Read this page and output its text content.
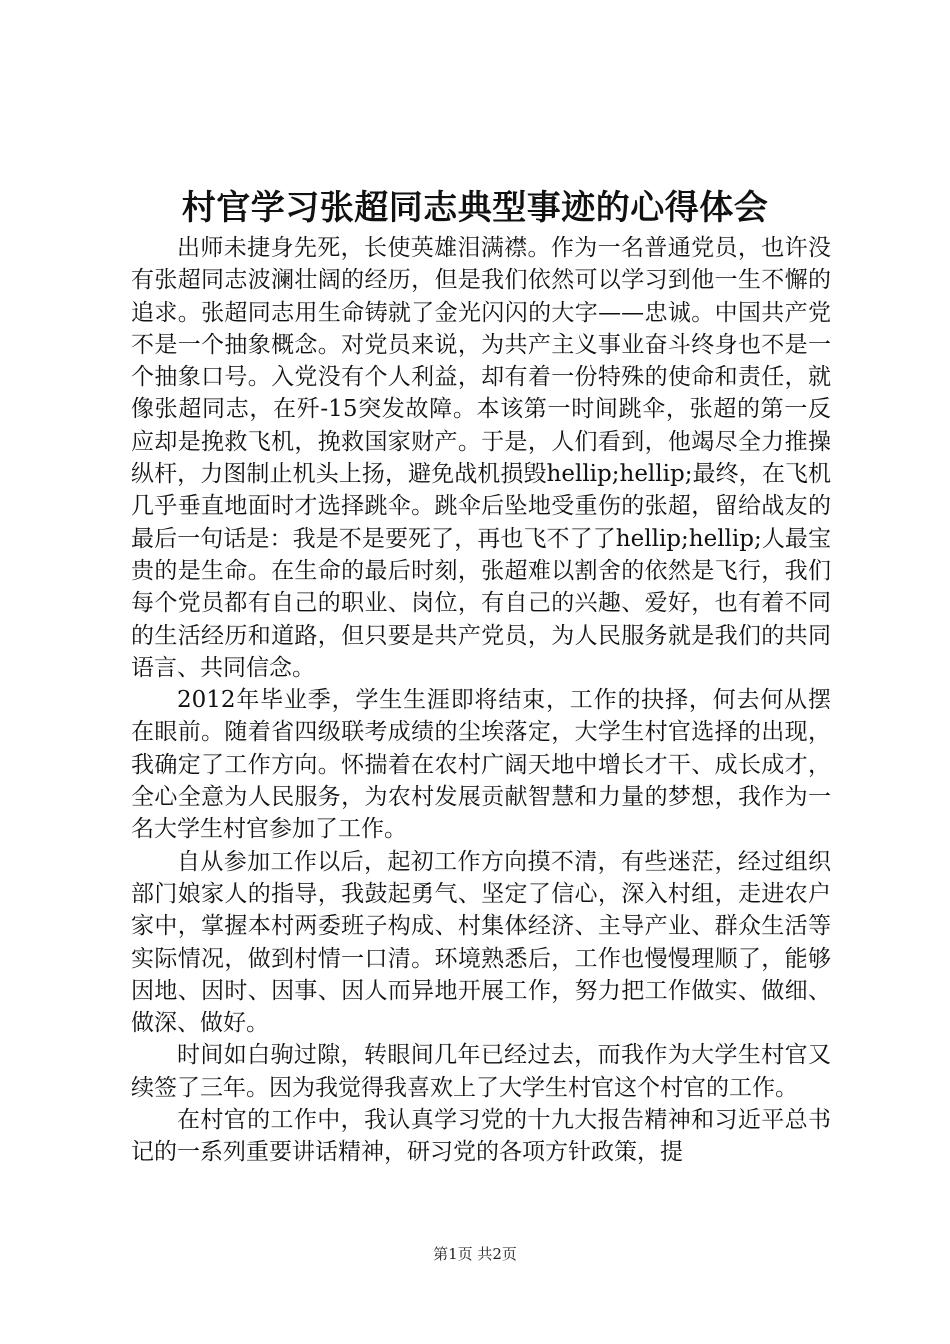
村官学习张超同志典型事迹的心得体会

出师未捷身先死，长使英雄泪满襟。作为一名普通党员，也许没有张超同志波澜壮阔的经历，但是我们依然可以学习到他一生不懈的追求。张超同志用生命铸就了金光闪闪的大字——忠诚。中国共产党不是一个抽象概念。对党员来说，为共产主义事业奋斗终身也不是一个抽象口号。入党没有个人利益，却有着一份特殊的使命和责任，就像张超同志，在歼-15突发故障。本该第一时间跳伞，张超的第一反应却是挽救飞机，挽救国家财产。于是，人们看到，他竭尽全力推操纵杆，力图制止机头上扬，避免战机损毁hellip;hellip;最终，在飞机几乎垂直地面时才选择跳伞。跳伞后坠地受重伤的张超，留给战友的最后一句话是：我是不是要死了，再也飞不了了hellip;hellip;人最宝贵的是生命。在生命的最后时刻，张超难以割舍的依然是飞行，我们每个党员都有自己的职业、岗位，有自己的兴趣、爱好，也有着不同的生活经历和道路，但只要是共产党员，为人民服务就是我们的共同语言、共同信念。

2012年毕业季，学生生涯即将结束，工作的抉择，何去何从摆在眼前。随着省四级联考成绩的尘埃落定，大学生村官选择的出现，我确定了工作方向。怀揣着在农村广阔天地中增长才干、成长成才，全心全意为人民服务，为农村发展贡献智慧和力量的梦想，我作为一名大学生村官参加了工作。

自从参加工作以后，起初工作方向摸不清，有些迷茫，经过组织部门娘家人的指导，我鼓起勇气、坚定了信心，深入村组，走进农户家中，掌握本村两委班子构成、村集体经济、主导产业、群众生活等实际情况，做到村情一口清。环境熟悉后，工作也慢慢理顺了，能够因地、因时、因事、因人而异地开展工作，努力把工作做实、做细、做深、做好。

时间如白驹过隙，转眼间几年已经过去，而我作为大学生村官又续签了三年。因为我觉得我喜欢上了大学生村官这个村官的工作。

在村官的工作中，我认真学习党的十九大报告精神和习近平总书记的一系列重要讲话精神，研习党的各项方针政策，提

第1页 共2页
